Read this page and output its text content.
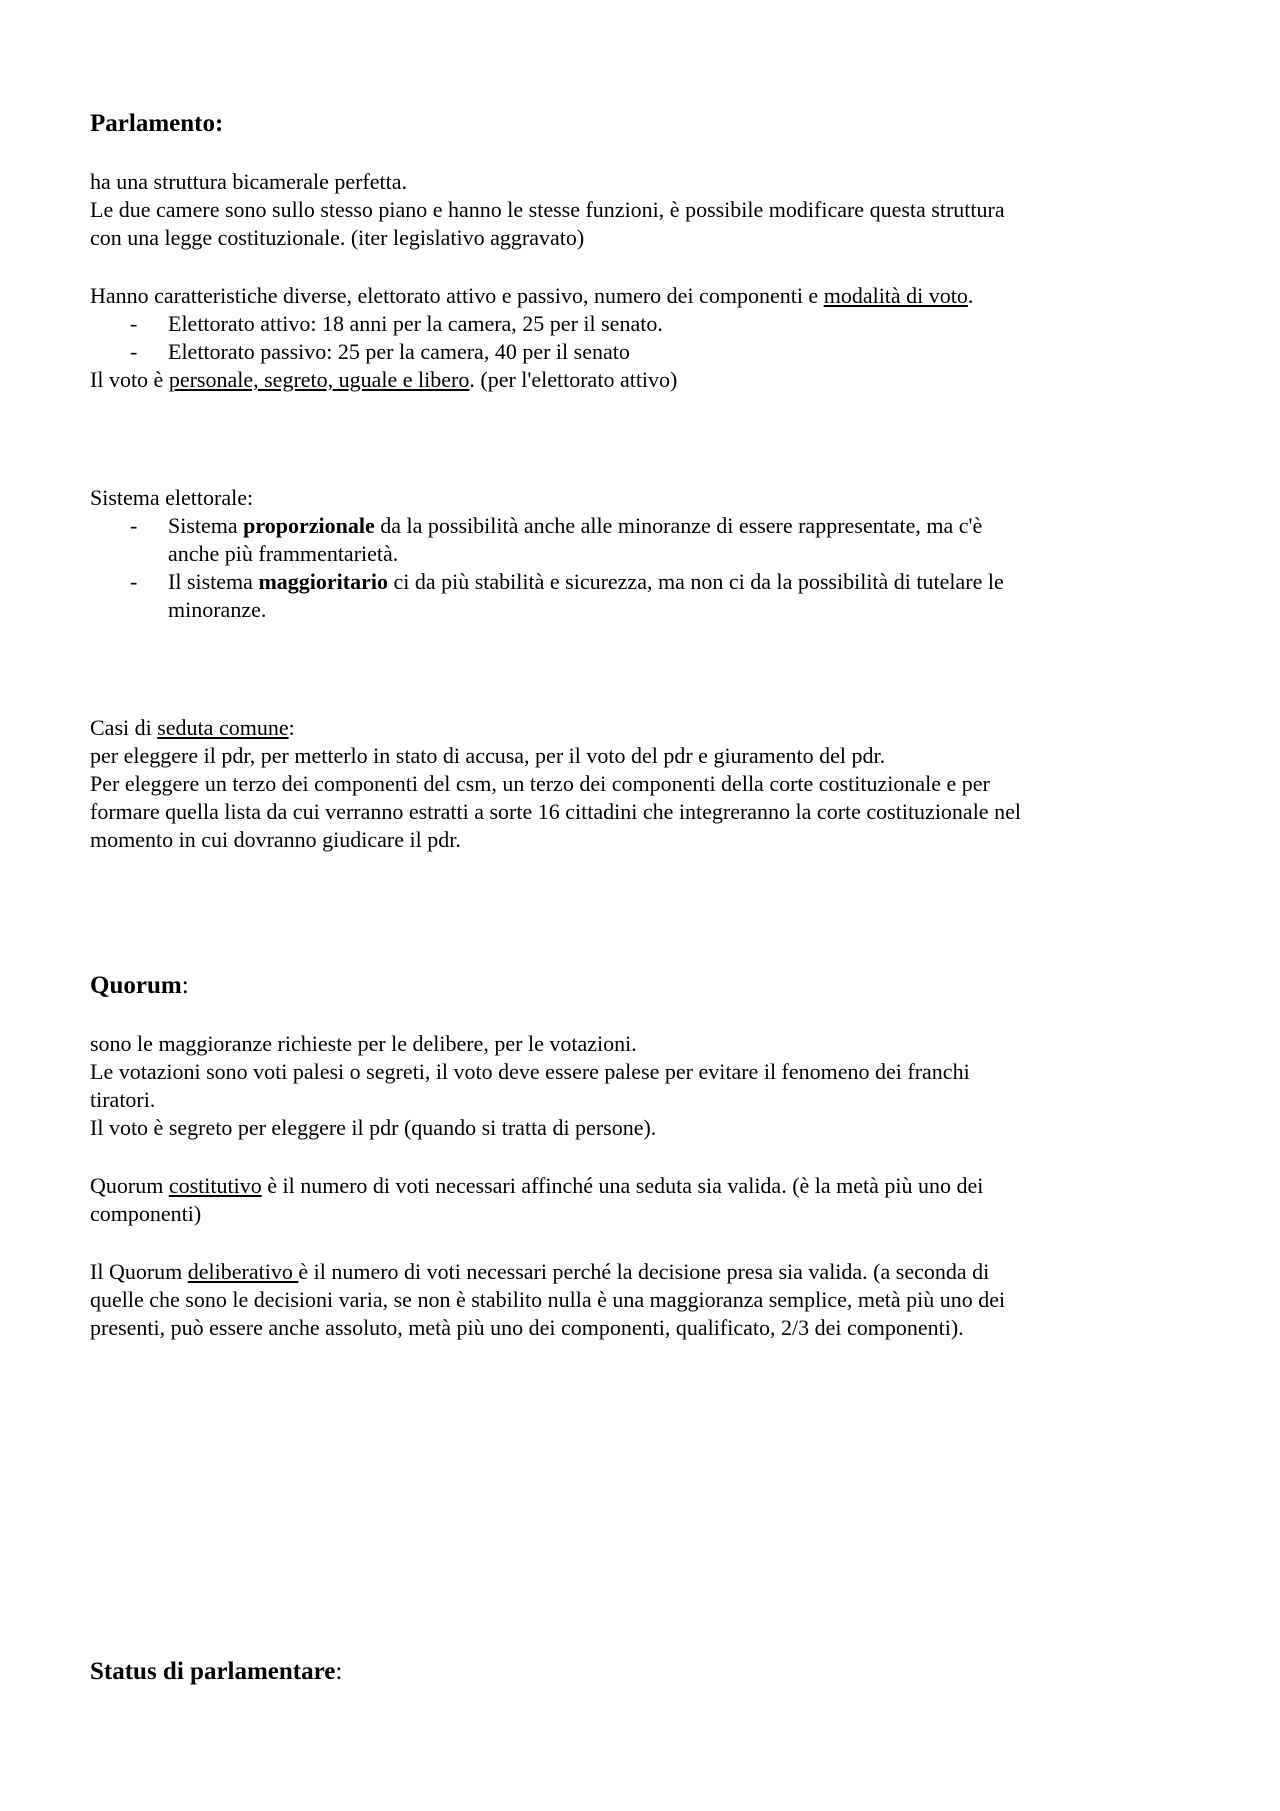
Parlamento:
ha una struttura bicamerale perfetta.
Le due camere sono sullo stesso piano e hanno le stesse funzioni, è possibile modificare questa struttura
con una legge costituzionale. (iter legislativo aggravato)
Hanno caratteristiche diverse, elettorato attivo e passivo, numero dei componenti e modalità di voto.
- Elettorato attivo: 18 anni per la camera, 25 per il senato.
- Elettorato passivo: 25 per la camera, 40 per il senato
Il voto è personale, segreto, uguale e libero. (per l'elettorato attivo)
Sistema elettorale:
- Sistema proporzionale da la possibilità anche alle minoranze di essere rappresentate, ma c'è
anche più frammentarietà.
- Il sistema maggioritario ci da più stabilità e sicurezza, ma non ci da la possibilità di tutelare le
minoranze.
Casi di seduta comune:
per eleggere il pdr, per metterlo in stato di accusa, per il voto del pdr e giuramento del pdr.
Per eleggere un terzo dei componenti del csm, un terzo dei componenti della corte costituzionale e per
formare quella lista da cui verranno estratti a sorte 16 cittadini che integreranno la corte costituzionale nel
momento in cui dovranno giudicare il pdr.
Quorum:
sono le maggioranze richieste per le delibere, per le votazioni.
Le votazioni sono voti palesi o segreti, il voto deve essere palese per evitare il fenomeno dei franchi
tiratori.
Il voto è segreto per eleggere il pdr (quando si tratta di persone).
Quorum costitutivo è il numero di voti necessari affinché una seduta sia valida. (è la metà più uno dei
componenti)
Il Quorum deliberativo è il numero di voti necessari perché la decisione presa sia valida. (a seconda di
quelle che sono le decisioni varia, se non è stabilito nulla è una maggioranza semplice, metà più uno dei
presenti, può essere anche assoluto, metà più uno dei componenti, qualificato, 2/3 dei componenti).
Status di parlamentare:
